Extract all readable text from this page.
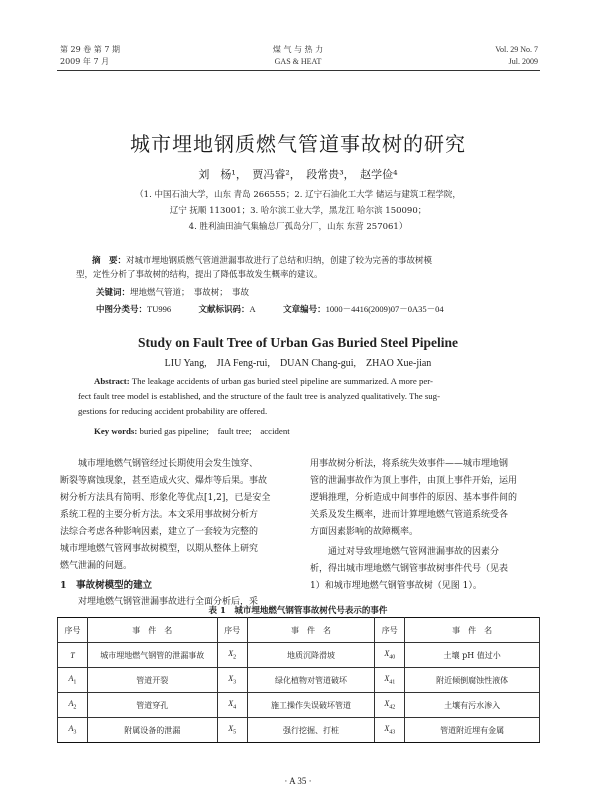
第 29 卷 第 7 期
2009 年 7 月
煤 气 与 热 力
GAS & HEAT
Vol. 29 No. 7
Jul. 2009
城市埋地钢质燃气管道事故树的研究
刘　杨¹，　贾冯睿²，　段常贵³，　赵学俭⁴
（1. 中国石油大学，山东 青岛 266555；2. 辽宁石油化工大学 储运与建筑工程学院，
辽宁 抚顺 113001；3. 哈尔滨工业大学，黑龙江 哈尔滨 150090；
4. 胜利油田油气集输总厂孤岛分厂，山东 东营 257061）
摘　要：对城市埋地钢质燃气管道泄漏事故进行了总结和归纳，创建了较为完善的事故树模
型，定性分析了事故树的结构，提出了降低事故发生概率的建议。
关键词：埋地燃气管道；　事故树；　事故
中图分类号：TU996	文献标识码：A	文章编号：1000－4416(2009)07－0A35－04
Study on Fault Tree of Urban Gas Buried Steel Pipeline
LIU Yang,　JIA Feng-rui,　DUAN Chang-gui,　ZHAO Xue-jian
Abstract: The leakage accidents of urban gas buried steel pipeline are summarized. A more per-
fect fault tree model is established, and the structure of the fault tree is analyzed qualitatively. The sug-
gestions for reducing accident probability are offered.
Key words: buried gas pipeline;　fault tree;　accident
城市埋地燃气钢管经过长期使用会发生蚀穿、
断裂等腐蚀现象，甚至造成火灾、爆炸等后果。事故
树分析方法具有简明、形象化等优点[1,2]，已是安全
系统工程的主要分析方法。本文采用事故树分析方
法综合考虑各种影响因素，建立了一套较为完整的
城市埋地燃气管网事故树模型，以期从整体上研究
燃气泄漏的问题。
1　事故树模型的建立
对埋地燃气钢管泄漏事故进行全面分析后，采
用事故树分析法，将系统失效事件——城市埋地钢
管的泄漏事故作为顶上事件，由顶上事件开始，运用
逻辑推理，分析造成中间事件的原因、基本事件间的
关系及发生概率，进而计算埋地燃气管道系统受各
方面因素影响的故障概率。
通过对导致埋地燃气管网泄漏事故的因素分
析，得出城市埋地燃气钢管事故树事件代号（见表
1）和城市埋地燃气钢管事故树（见图 1）。
表 1　城市埋地燃气钢管事故树代号表示的事件
序号	事　件　名	序号	事　件　名	序号	事　件　名
T	城市埋地燃气钢管的泄漏事故	$X_2$	地质沉降滑坡	$X_{40}$	土壤 pH 值过小
$A_1$	管道开裂	$X_3$	绿化植物对管道破坏	$X_{41}$	附近倾倒腐蚀性液体
$A_2$	管道穿孔	$X_4$	施工操作失误破坏管道	$X_{42}$	土壤有污水渗入
$A_3$	附属设备的泄漏	$X_5$	强行挖掘、打桩	$X_{43}$	管道附近埋有金属
· A 35 ·
